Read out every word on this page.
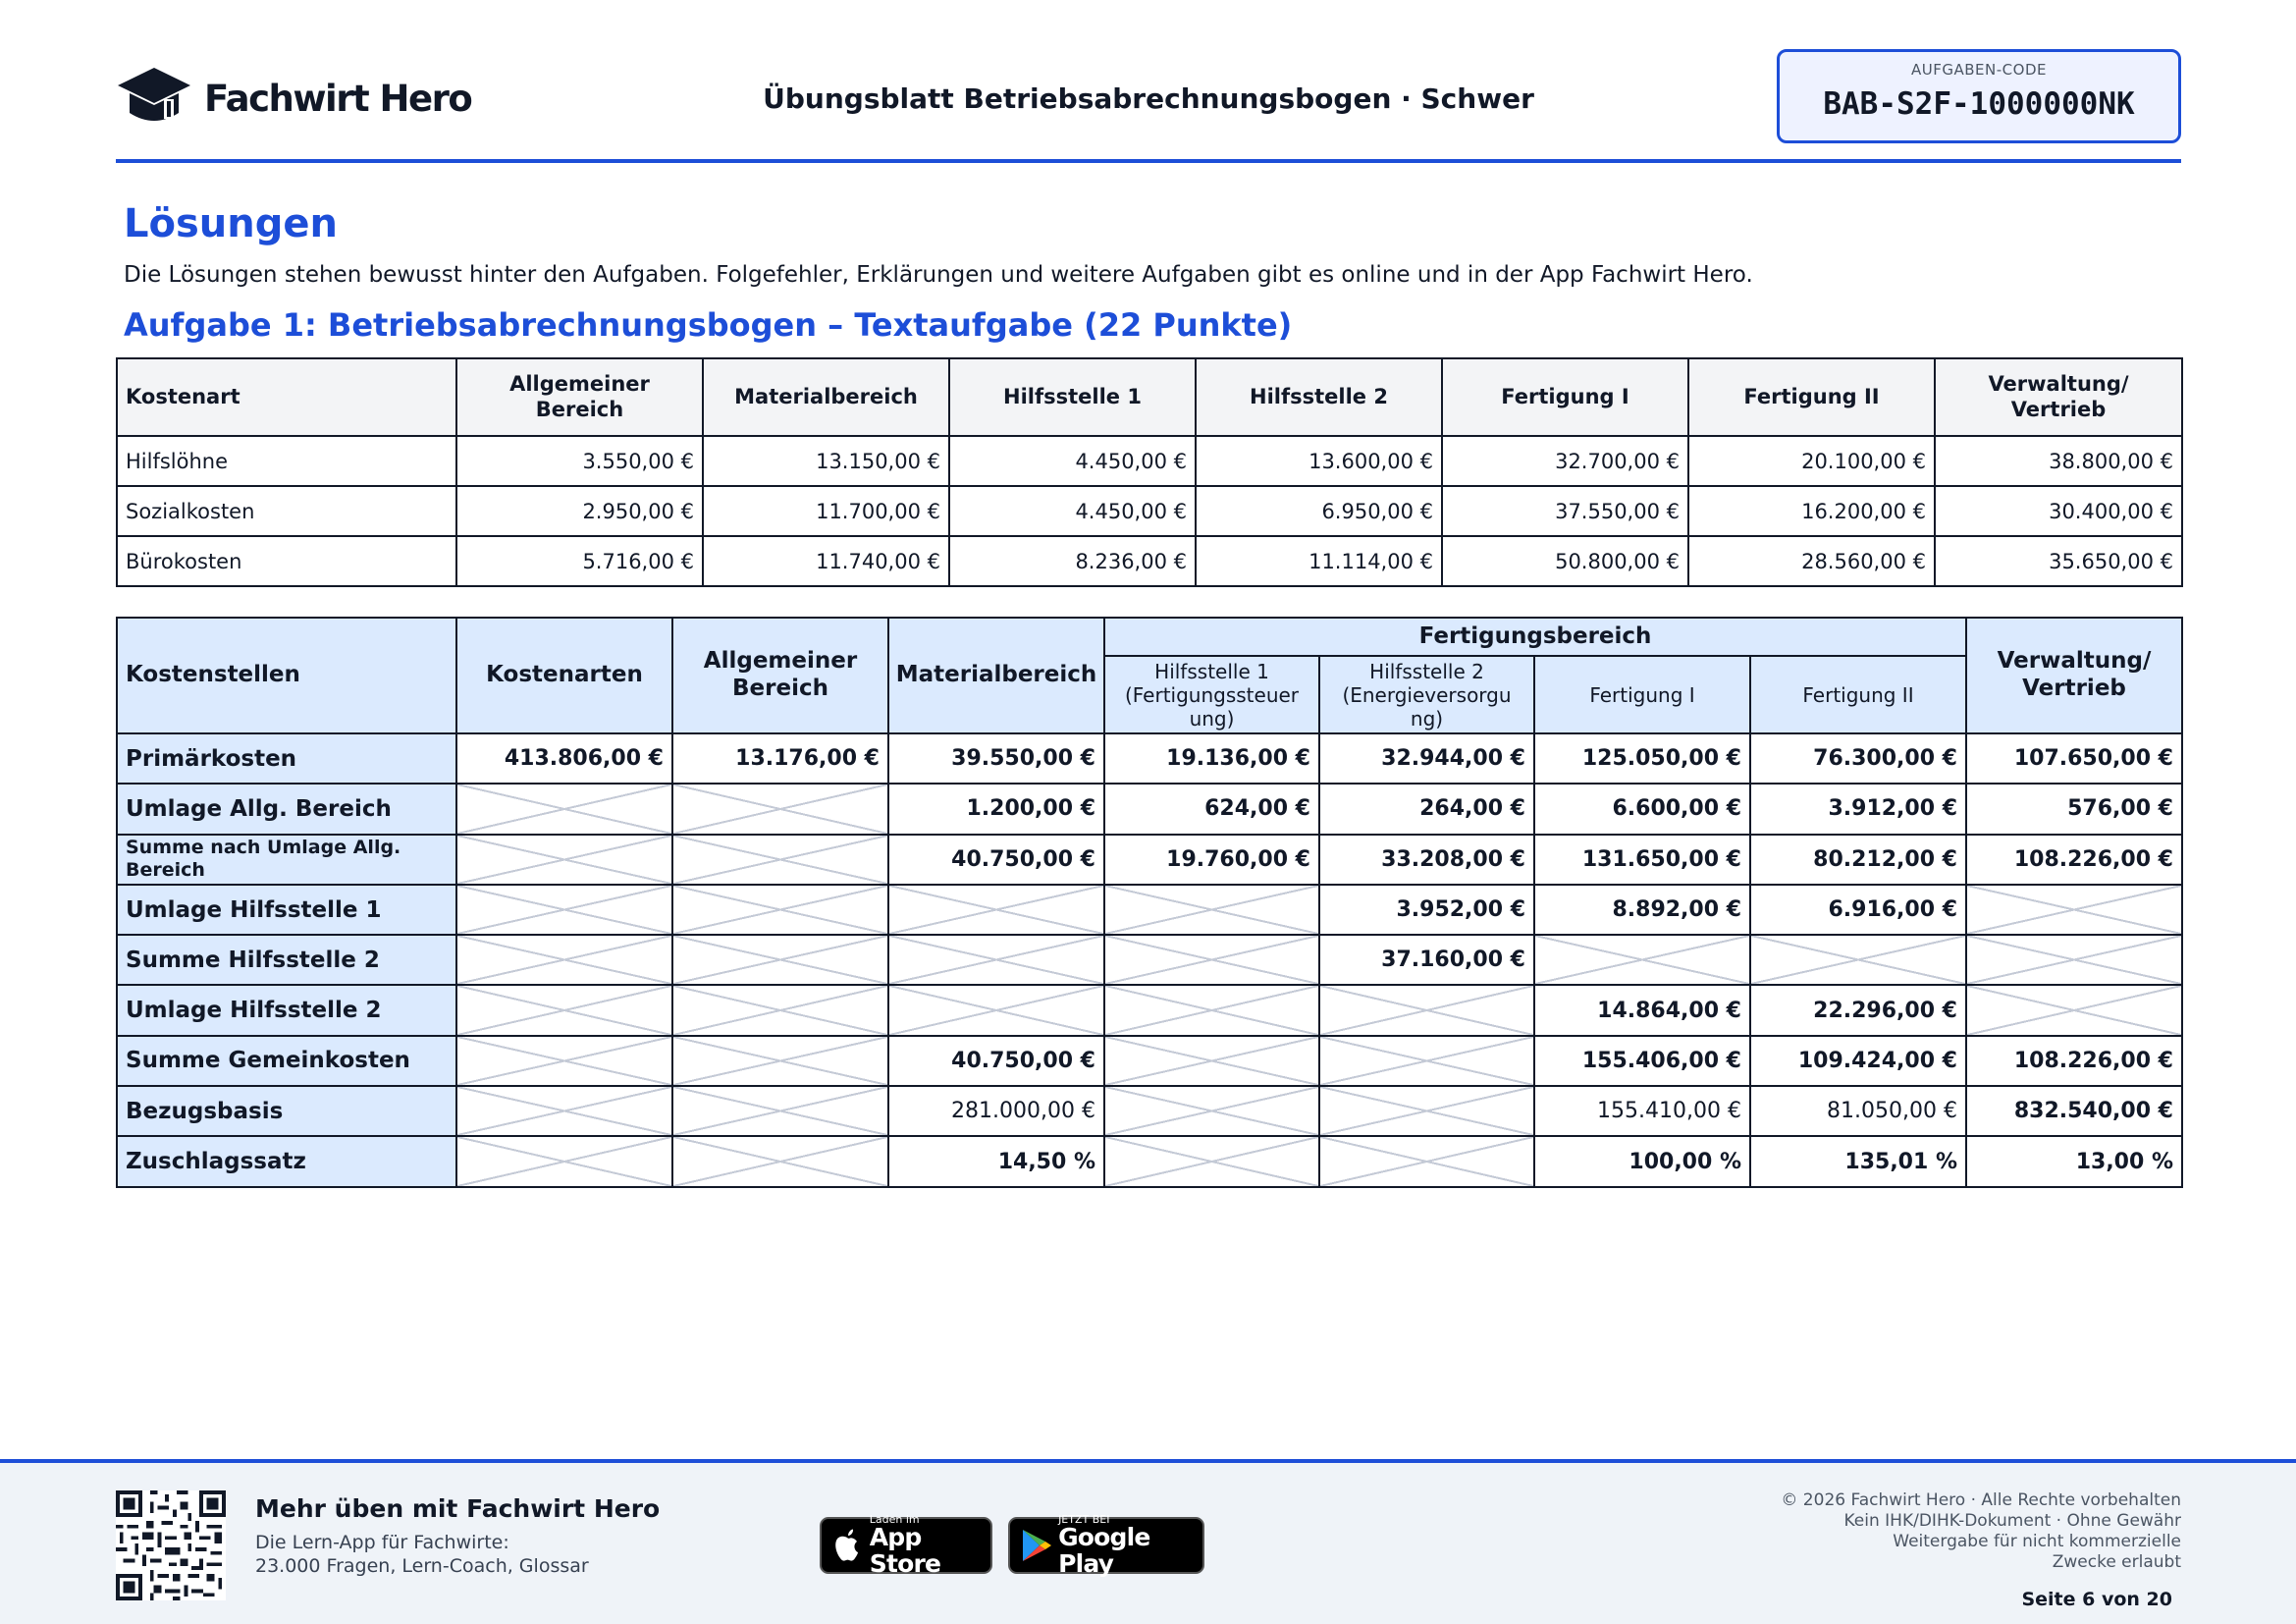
Fachwirt Hero	Übungsblatt Betriebsabrechnungsbogen · Schwer
AUFGABEN-CODE
BAB-S2F-1000000NK
Lösungen
Die Lösungen stehen bewusst hinter den Aufgaben. Folgefehler, Erklärungen und weitere Aufgaben gibt es online und in der App Fachwirt Hero.
Aufgabe 1: Betriebsabrechnungsbogen – Textaufgabe (22 Punkte)
Kostenart	Allgemeiner Bereich	Materialbereich	Hilfsstelle 1	Hilfsstelle 2	Fertigung I	Fertigung II	Verwaltung/ Vertrieb
Hilfslöhne	3.550,00 €	13.150,00 €	4.450,00 €	13.600,00 €	32.700,00 €	20.100,00 €	38.800,00 €
Sozialkosten	2.950,00 €	11.700,00 €	4.450,00 €	6.950,00 €	37.550,00 €	16.200,00 €	30.400,00 €
Bürokosten	5.716,00 €	11.740,00 €	8.236,00 €	11.114,00 €	50.800,00 €	28.560,00 €	35.650,00 €
Kostenstellen	Kostenarten	Allgemeiner Bereich	Materialbereich	Fertigungsbereich				Verwaltung/ Vertrieb
				Hilfsstelle 1 (Fertigungssteuer ung)	Hilfsstelle 2 (Energieversorgu ng)	Fertigung I	Fertigung II	
Primärkosten	413.806,00 €	13.176,00 €	39.550,00 €	19.136,00 €	32.944,00 €	125.050,00 €	76.300,00 €	107.650,00 €
Umlage Allg. Bereich			1.200,00 €	624,00 €	264,00 €	6.600,00 €	3.912,00 €	576,00 €
Summe nach Umlage Allg. Bereich			40.750,00 €	19.760,00 €	33.208,00 €	131.650,00 €	80.212,00 €	108.226,00 €
Umlage Hilfsstelle 1					3.952,00 €	8.892,00 €	6.916,00 €	
Summe Hilfsstelle 2					37.160,00 €			
Umlage Hilfsstelle 2						14.864,00 €	22.296,00 €	
Summe Gemeinkosten			40.750,00 €			155.406,00 €	109.424,00 €	108.226,00 €
Bezugsbasis			281.000,00 €			155.410,00 €	81.050,00 €	832.540,00 €
Zuschlagssatz			14,50 %			100,00 %	135,01 %	13,00 %
Mehr üben mit Fachwirt Hero
Die Lern-App für Fachwirte:
23.000 Fragen, Lern-Coach, Glossar
Laden im
App Store
JETZT BEI
Google Play
© 2026 Fachwirt Hero · Alle Rechte vorbehalten
Kein IHK/DIHK-Dokument · Ohne Gewähr
Weitergabe für nicht kommerzielle
Zwecke erlaubt
Seite 6 von 20
